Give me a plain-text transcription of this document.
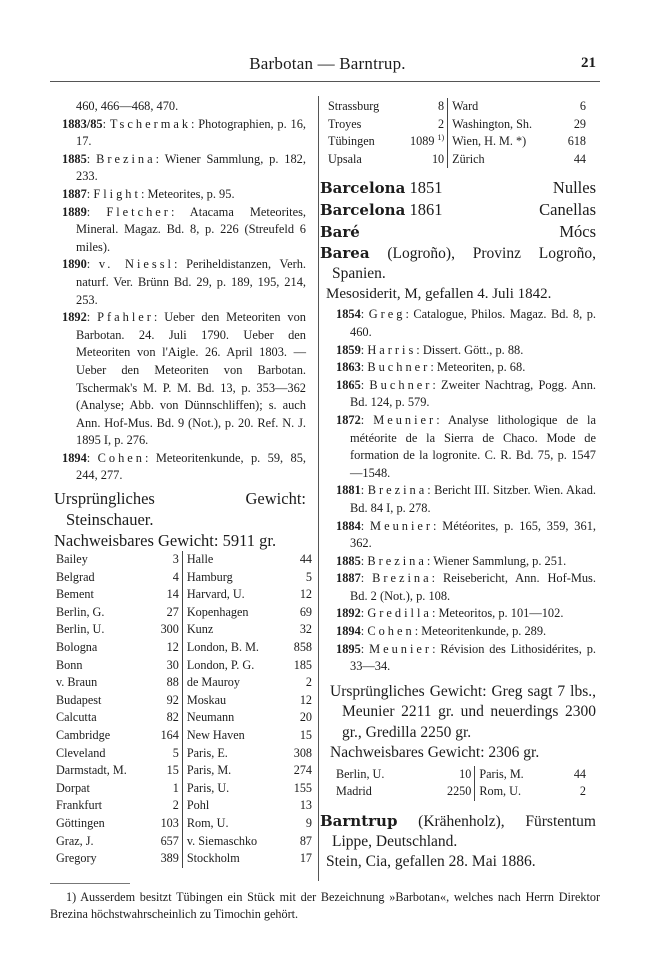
Barbotan — Barntrup.	21
460, 466—468, 470.

1883/85: Tschermak: Photographien, p. 16, 17.

1885: Brezina: Wiener Sammlung, p. 182, 233.

1887: Flight: Meteorites, p. 95.

1889: Fletcher: Atacama Meteorites, Mineral. Magaz. Bd. 8, p. 226 (Streufeld 6 miles).

1890: v. Niessl: Periheldistanzen, Verh. naturf. Ver. Brünn Bd. 29, p. 189, 195, 214, 253.

1892: Pfahler: Ueber den Meteoriten von Barbotan. 24. Juli 1790. Ueber den Meteoriten von l'Aigle. 26. April 1803. — Ueber den Meteoriten von Barbotan. Tschermak's M. P. M. Bd. 13, p. 353—362 (Analyse; Abb. von Dünnschliffen); s. auch Ann. Hof-Mus. Bd. 9 (Not.), p. 20. Ref. N. J. 1895 I, p. 276.

1894: Cohen: Meteoritenkunde, p. 59, 85, 244, 277.

Ursprüngliches Gewicht: Steinschauer.

Nachweisbares Gewicht: 5911 gr.

Bailey	3	Halle	44
Belgrad	4	Hamburg	5
Bement	14	Harvard, U.	12
Berlin, G.	27	Kopenhagen	69
Berlin, U.	300	Kunz	32
Bologna	12	London, B. M.	858
Bonn	30	London, P. G.	185
v. Braun	88	de Mauroy	2
Budapest	92	Moskau	12
Calcutta	82	Neumann	20
Cambridge	164	New Haven	15
Cleveland	5	Paris, E.	308
Darmstadt, M.	15	Paris, M.	274
Dorpat	1	Paris, U.	155
Frankfurt	2	Pohl	13
Göttingen	103	Rom, U.	9
Graz, J.	657	v. Siemaschko	87
Gregory	389	Stockholm	17
Strassburg	8	Ward	6
Troyes	2	Washington, Sh.	29
Tübingen	1089 $^{1)}$	Wien, H. M. *)	618
Upsala	10	Zürich	44
Barcelona 1851	Nulles
Barcelona 1861	Canellas
Baré	Mócs

Barea (Logroño), Provinz Logroño, Spanien.

Mesosiderit, M, gefallen 4. Juli 1842.

1854: Greg: Catalogue, Philos. Magaz. Bd. 8, p. 460.

1859: Harris: Dissert. Gött., p. 88.

1863: Buchner: Meteoriten, p. 68.

1865: Buchner: Zweiter Nachtrag, Pogg. Ann. Bd. 124, p. 579.

1872: Meunier: Analyse lithologique de la météorite de la Sierra de Chaco. Mode de formation de la logronite. C. R. Bd. 75, p. 1547—1548.

1881: Brezina: Bericht III. Sitzber. Wien. Akad. Bd. 84 I, p. 278.

1884: Meunier: Météorites, p. 165, 359, 361, 362.

1885: Brezina: Wiener Sammlung, p. 251.

1887: Brezina: Reisebericht, Ann. Hof-Mus. Bd. 2 (Not.), p. 108.

1892: Gredilla: Meteoritos, p. 101—102.

1894: Cohen: Meteoritenkunde, p. 289.

1895: Meunier: Révision des Lithosidérites, p. 33—34.

Ursprüngliches Gewicht: Greg sagt 7 lbs., Meunier 2211 gr. und neuerdings 2300 gr., Gredilla 2250 gr.

Nachweisbares Gewicht: 2306 gr.

Berlin, U.	10	Paris, M.	44
Madrid	2250	Rom, U.	2

Barntrup (Krähenholz), Fürstentum Lippe, Deutschland.

Stein, Cia, gefallen 28. Mai 1886.

1) Ausserdem besitzt Tübingen ein Stück mit der Bezeichnung »Barbotan«, welches nach Herrn Direktor Brezina höchstwahrscheinlich zu Timochin gehört.
